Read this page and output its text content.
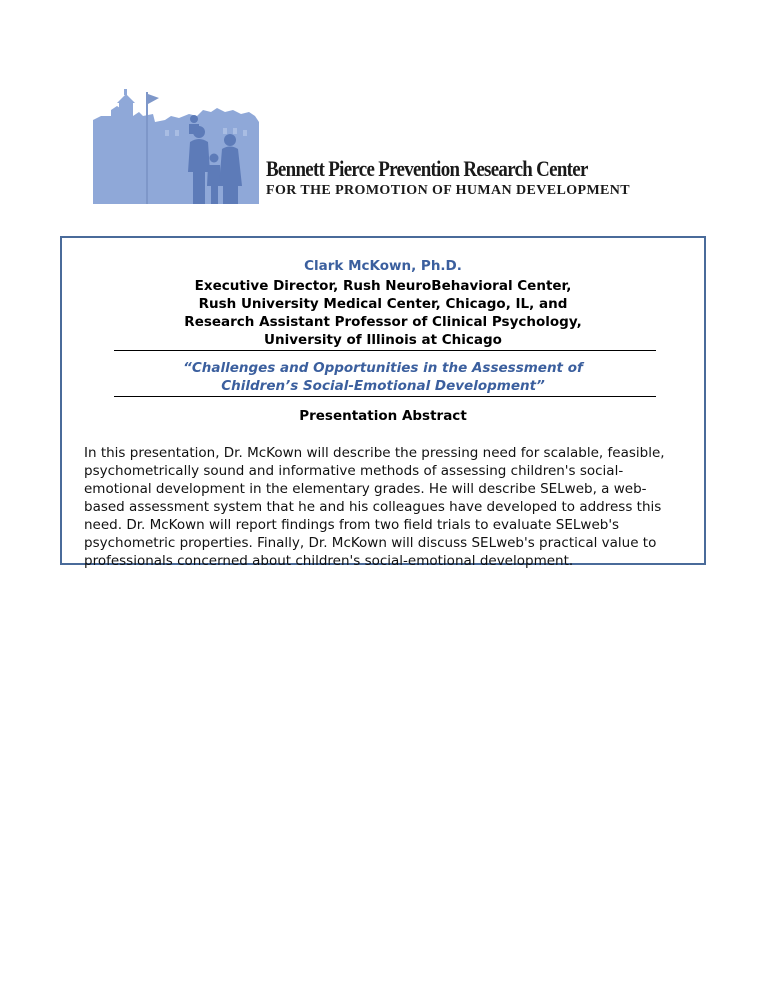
Bennett Pierce Prevention Research Center
FOR THE PROMOTION OF HUMAN DEVELOPMENT
Clark McKown, Ph.D.
Executive Director, Rush NeuroBehavioral Center,
Rush University Medical Center, Chicago, IL, and
Research Assistant Professor of Clinical Psychology,
University of Illinois at Chicago
“Challenges and Opportunities in the Assessment of
Children’s Social-Emotional Development”
Presentation Abstract
In this presentation, Dr. McKown will describe the pressing need for scalable, feasible,
psychometrically sound and informative methods of assessing children's social-
emotional development in the elementary grades. He will describe SELweb, a web-
based assessment system that he and his colleagues have developed to address this
need. Dr. McKown will report findings from two field trials to evaluate SELweb's
psychometric properties. Finally, Dr. McKown will discuss SELweb's practical value to
professionals concerned about children's social-emotional development.
